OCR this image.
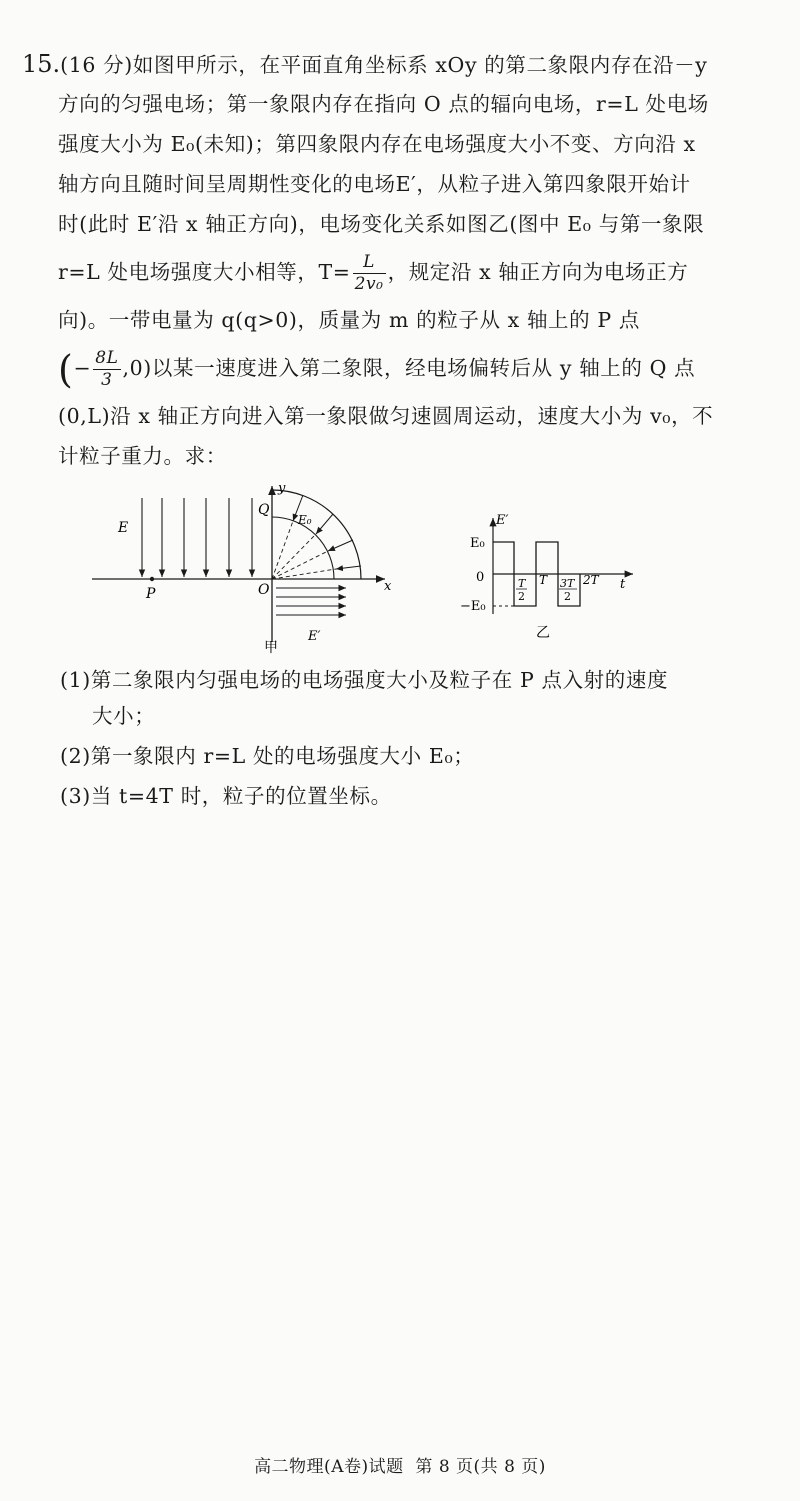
15.(16 分)如图甲所示，在平面直角坐标系 xOy 的第二象限内存在沿－y
方向的匀强电场；第一象限内存在指向 O 点的辐向电场，r=L 处电场
强度大小为 E₀(未知)；第四象限内存在电场强度大小不变、方向沿 x
轴方向且随时间呈周期性变化的电场E′，从粒子进入第四象限开始计
时(此时 E′沿 x 轴正方向)，电场变化关系如图乙(图中 E₀ 与第一象限
r=L 处电场强度大小相等，$T= \frac{L}{\text{2v₀}}$ ，规定沿 x 轴正方向为电场正方
向)。一带电量为 q(q>0)，质量为 m 的粒子从 x 轴上的 P 点
(− $\frac{8L}{3} ,0$)以某一速度进入第二象限，经电场偏转后从 y 轴上的 Q 点
(0,L)沿 x 轴正方向进入第一象限做匀速圆周运动，速度大小为 v₀，不
计粒子重力。求：
E
P	O
Q
y
x
E₀
E′
甲
E′
E₀
0
−E₀
t
T
2
T 3T
2
2T
乙
(1)第二象限内匀强电场的电场强度大小及粒子在 P 点入射的速度
大小；
(2)第一象限内 r=L 处的电场强度大小 E₀；
(3)当 t=4T 时，粒子的位置坐标。
高二物理(A卷)试题 第 8 页(共 8 页)
